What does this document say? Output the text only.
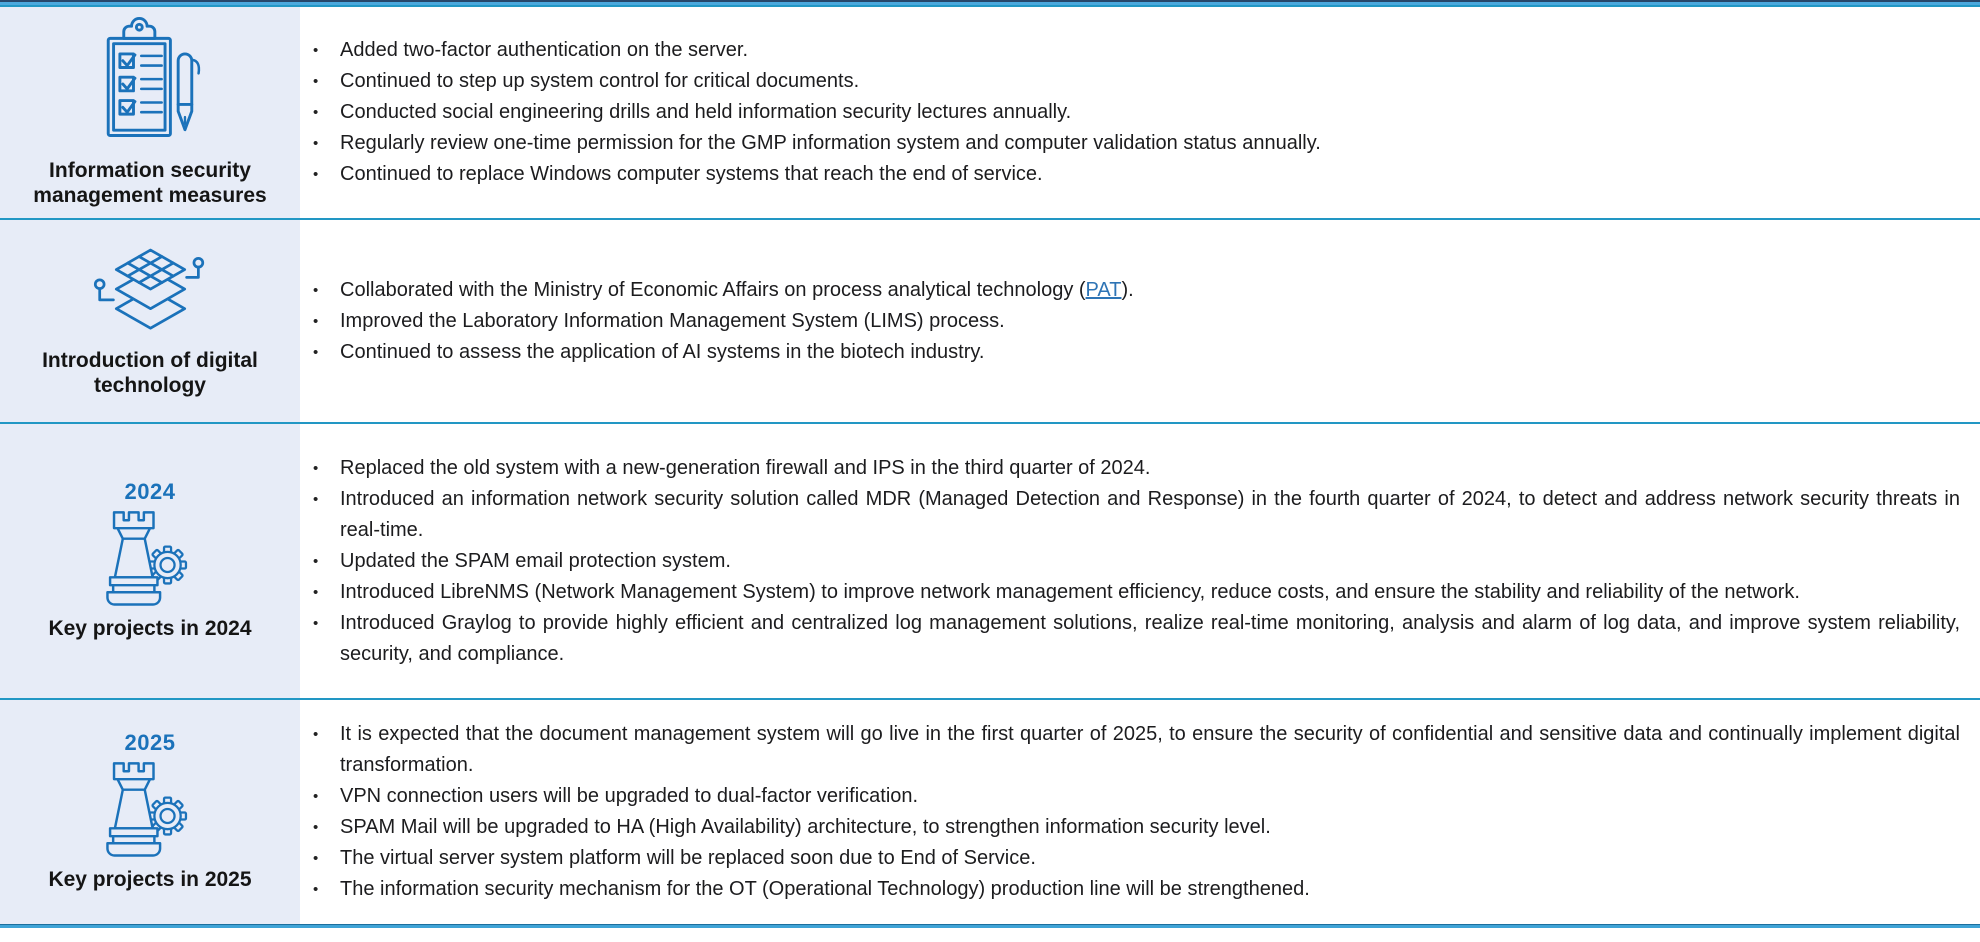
Information security
management measures
• Added two-factor authentication on the server.
• Continued to step up system control for critical documents.
• Conducted social engineering drills and held information security lectures annually.
• Regularly review one-time permission for the GMP information system and computer validation status annually.
• Continued to replace Windows computer systems that reach the end of service.
Introduction of digital
technology
• Collaborated with the Ministry of Economic Affairs on process analytical technology (PAT).
• Improved the Laboratory Information Management System (LIMS) process.
• Continued to assess the application of AI systems in the biotech industry.
2024
Key projects in 2024
• Replaced the old system with a new-generation firewall and IPS in the third quarter of 2024.
• Introduced an information network security solution called MDR (Managed Detection and Response) in the fourth quarter of 2024, to detect and address network security threats in real-time.
• Updated the SPAM email protection system.
• Introduced LibreNMS (Network Management System) to improve network management efficiency, reduce costs, and ensure the stability and reliability of the network.
• Introduced Graylog to provide highly efficient and centralized log management solutions, realize real-time monitoring, analysis and alarm of log data, and improve system reliability, security, and compliance.
2025
Key projects in 2025
• It is expected that the document management system will go live in the first quarter of 2025, to ensure the security of confidential and sensitive data and continually implement digital transformation.
• VPN connection users will be upgraded to dual-factor verification.
• SPAM Mail will be upgraded to HA (High Availability) architecture, to strengthen information security level.
• The virtual server system platform will be replaced soon due to End of Service.
• The information security mechanism for the OT (Operational Technology) production line will be strengthened.
